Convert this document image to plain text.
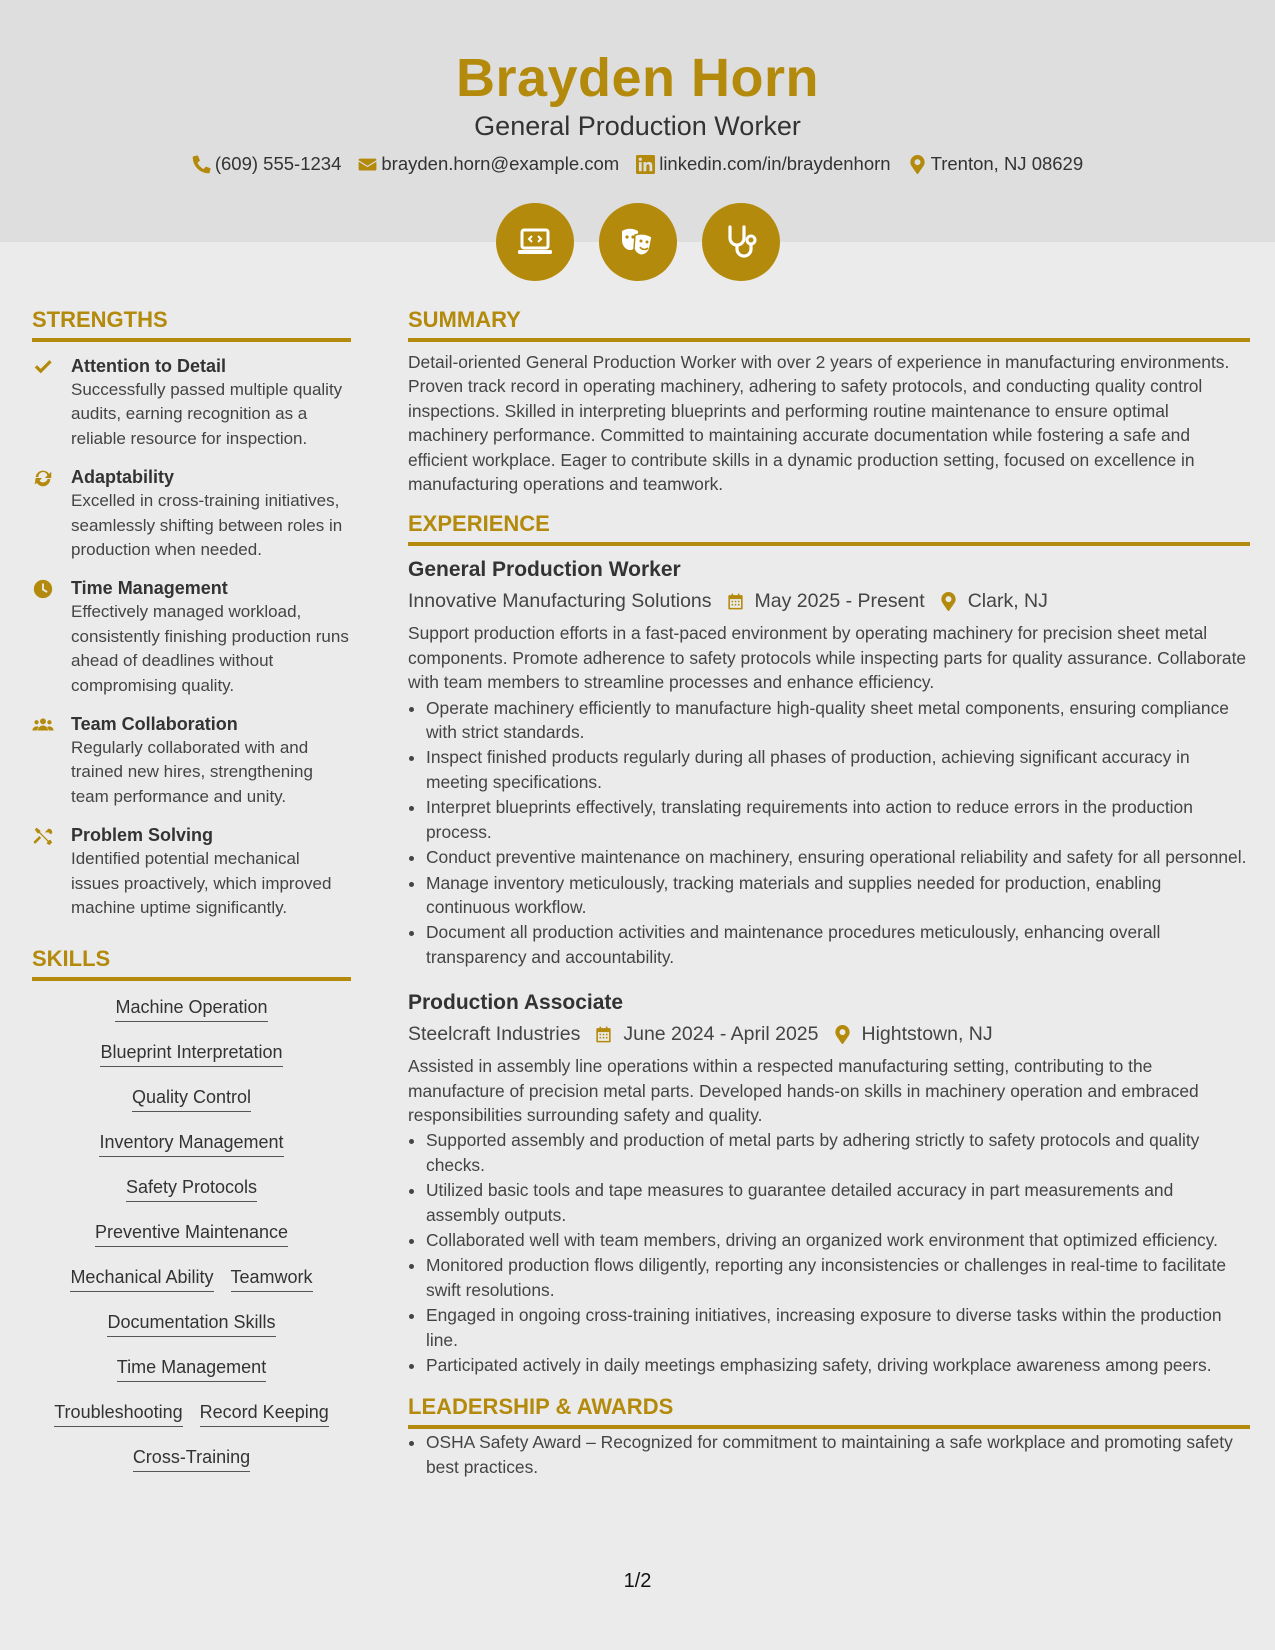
Brayden Horn
General Production Worker
(609) 555-1234 brayden.horn@example.com linkedin.com/in/braydenhorn Trenton, NJ 08629
STRENGTHS
Attention to Detail
Successfully passed multiple quality audits, earning recognition as a reliable resource for inspection.
Adaptability
Excelled in cross-training initiatives, seamlessly shifting between roles in production when needed.
Time Management
Effectively managed workload, consistently finishing production runs ahead of deadlines without compromising quality.
Team Collaboration
Regularly collaborated with and trained new hires, strengthening team performance and unity.
Problem Solving
Identified potential mechanical issues proactively, which improved machine uptime significantly.
SKILLS
Machine Operation
Blueprint Interpretation
Quality Control
Inventory Management
Safety Protocols
Preventive Maintenance
Mechanical Ability Teamwork
Documentation Skills
Time Management
Troubleshooting Record Keeping
Cross-Training
SUMMARY

Detail-oriented General Production Worker with over 2 years of experience in manufacturing environments. Proven track record in operating machinery, adhering to safety protocols, and conducting quality control inspections. Skilled in interpreting blueprints and performing routine maintenance to ensure optimal machinery performance. Committed to maintaining accurate documentation while fostering a safe and efficient workplace. Eager to contribute skills in a dynamic production setting, focused on excellence in manufacturing operations and teamwork.

EXPERIENCE
General Production Worker
Innovative Manufacturing Solutions May 2025 - Present Clark, NJ

Support production efforts in a fast-paced environment by operating machinery for precision sheet metal components. Promote adherence to safety protocols while inspecting parts for quality assurance. Collaborate with team members to streamline processes and enhance efficiency.

• Operate machinery efficiently to manufacture high-quality sheet metal components, ensuring compliance with strict standards.
• Inspect finished products regularly during all phases of production, achieving significant accuracy in meeting specifications.
• Interpret blueprints effectively, translating requirements into action to reduce errors in the production process.
• Conduct preventive maintenance on machinery, ensuring operational reliability and safety for all personnel.
• Manage inventory meticulously, tracking materials and supplies needed for production, enabling continuous workflow.
• Document all production activities and maintenance procedures meticulously, enhancing overall transparency and accountability.
Production Associate
Steelcraft Industries June 2024 - April 2025 Hightstown, NJ

Assisted in assembly line operations within a respected manufacturing setting, contributing to the manufacture of precision metal parts. Developed hands-on skills in machinery operation and embraced responsibilities surrounding safety and quality.

• Supported assembly and production of metal parts by adhering strictly to safety protocols and quality checks.
• Utilized basic tools and tape measures to guarantee detailed accuracy in part measurements and assembly outputs.
• Collaborated well with team members, driving an organized work environment that optimized efficiency.
• Monitored production flows diligently, reporting any inconsistencies or challenges in real-time to facilitate swift resolutions.
• Engaged in ongoing cross-training initiatives, increasing exposure to diverse tasks within the production line.
• Participated actively in daily meetings emphasizing safety, driving workplace awareness among peers.
LEADERSHIP & AWARDS
• OSHA Safety Award – Recognized for commitment to maintaining a safe workplace and promoting safety best practices.
1/2
